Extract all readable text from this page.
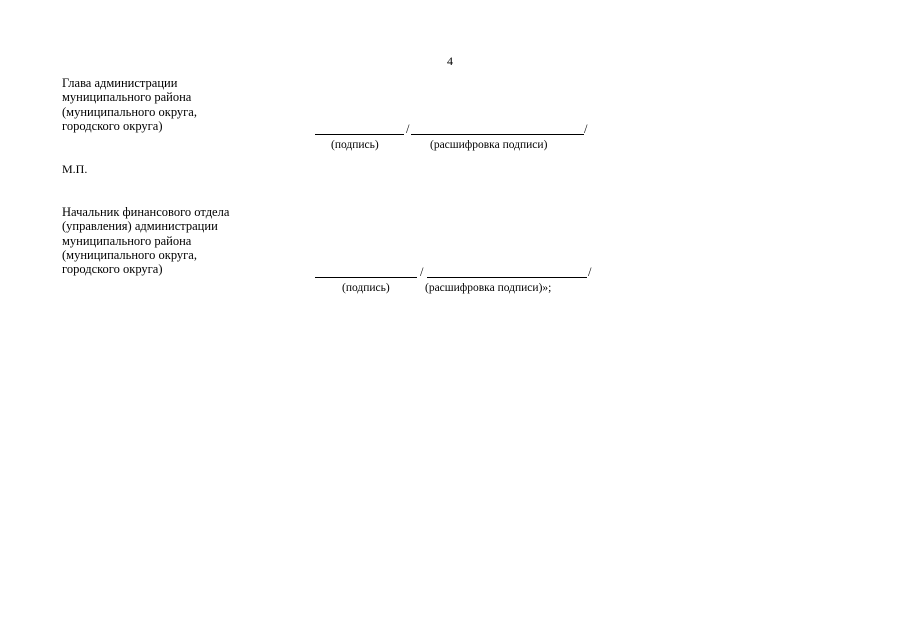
4
Глава администрации
муниципального района
(муниципального округа,
городского округа)	/	/
(подпись)	(расшифровка подписи)
М.П.
Начальник финансового отдела
(управления) администрации
муниципального района
(муниципального округа,
городского округа)	/	/
(подпись)	(расшифровка подписи)»;
